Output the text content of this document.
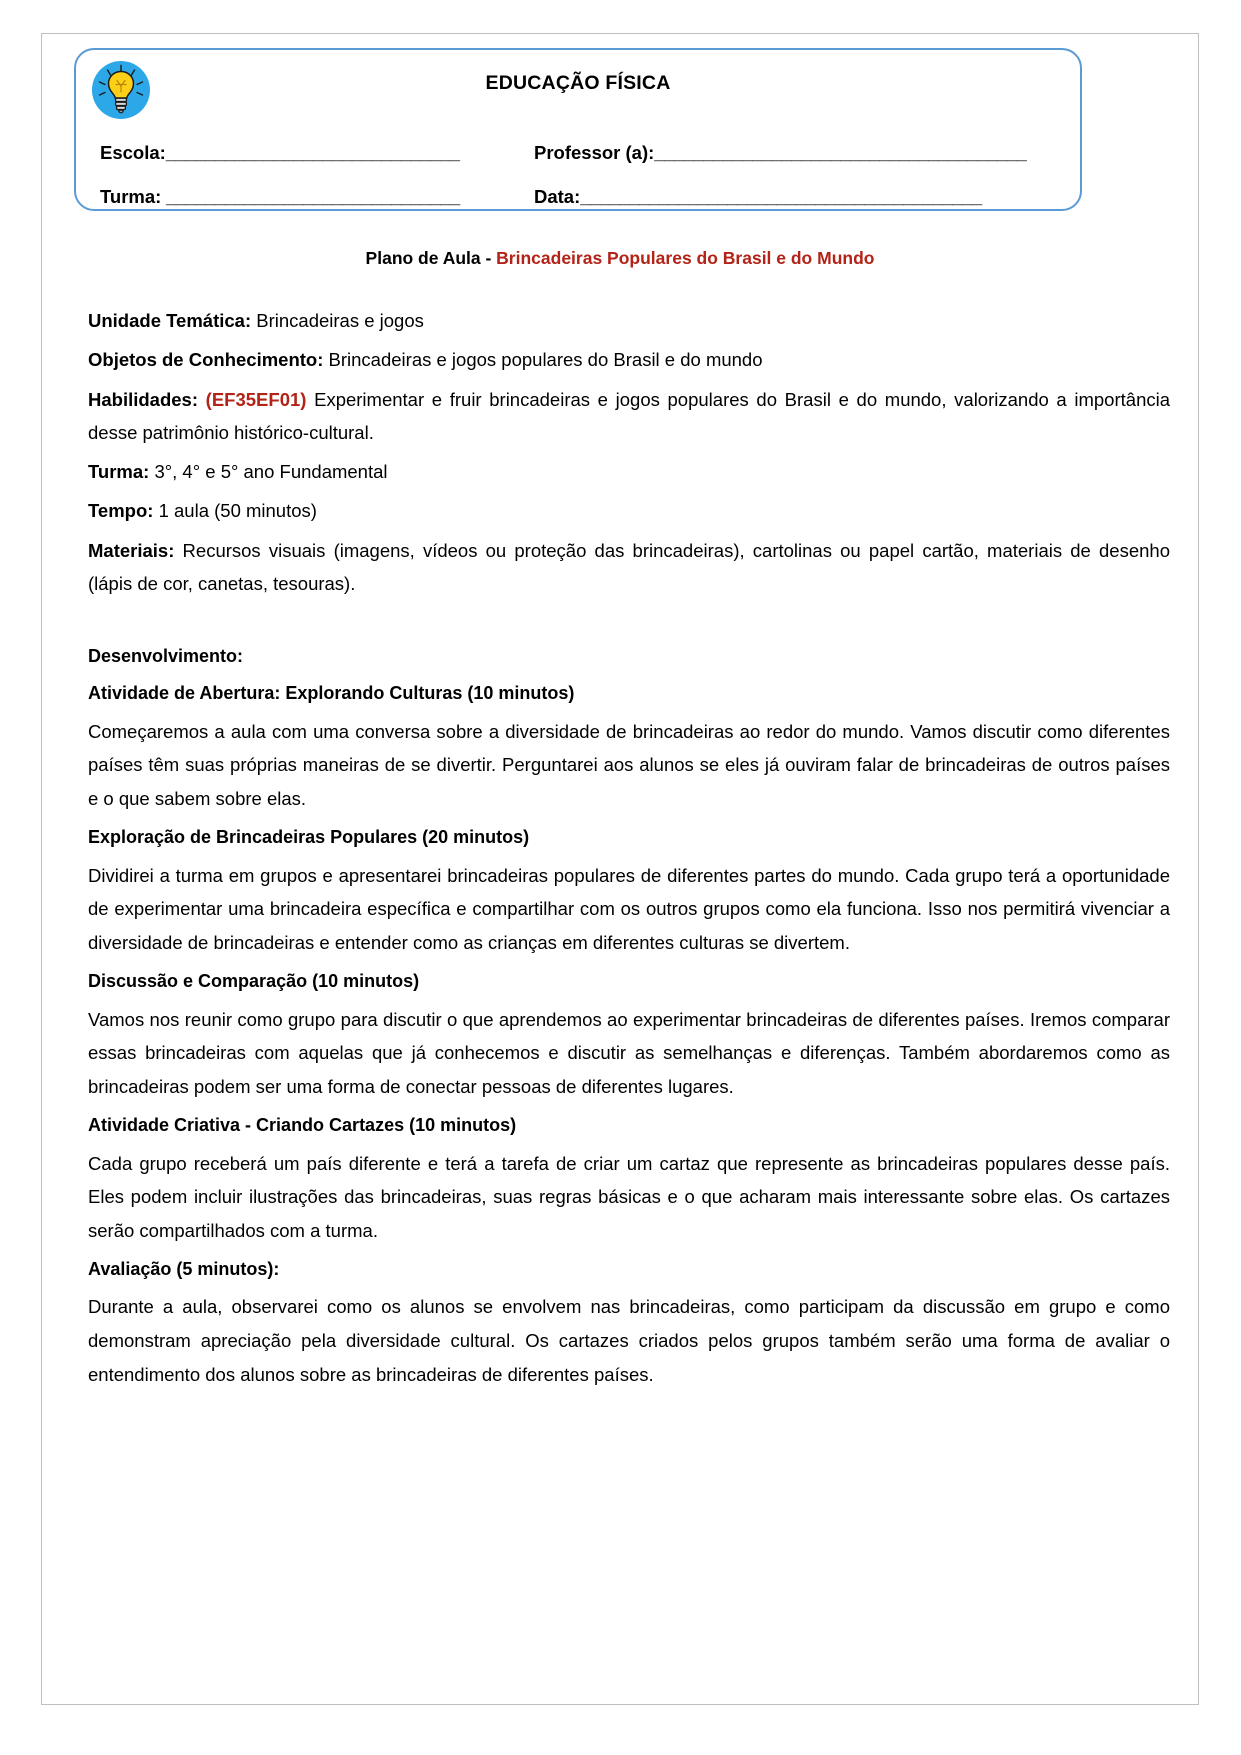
EDUCAÇÃO FÍSICA
Escola:______________________________	Professor (a):______________________________________
Turma: ______________________________	Data:_________________________________________
Plano de Aula - Brincadeiras Populares do Brasil e do Mundo

Unidade Temática: Brincadeiras e jogos

Objetos de Conhecimento: Brincadeiras e jogos populares do Brasil e do mundo

Habilidades: (EF35EF01) Experimentar e fruir brincadeiras e jogos populares do Brasil e do mundo, valorizando a importância desse patrimônio histórico-cultural.

Turma: 3°, 4° e 5° ano Fundamental

Tempo: 1 aula (50 minutos)

Materiais: Recursos visuais (imagens, vídeos ou proteção das brincadeiras), cartolinas ou papel cartão, materiais de desenho (lápis de cor, canetas, tesouras).

Desenvolvimento:

Atividade de Abertura: Explorando Culturas (10 minutos)

Começaremos a aula com uma conversa sobre a diversidade de brincadeiras ao redor do mundo. Vamos discutir como diferentes países têm suas próprias maneiras de se divertir. Perguntarei aos alunos se eles já ouviram falar de brincadeiras de outros países e o que sabem sobre elas.

Exploração de Brincadeiras Populares (20 minutos)

Dividirei a turma em grupos e apresentarei brincadeiras populares de diferentes partes do mundo. Cada grupo terá a oportunidade de experimentar uma brincadeira específica e compartilhar com os outros grupos como ela funciona. Isso nos permitirá vivenciar a diversidade de brincadeiras e entender como as crianças em diferentes culturas se divertem.

Discussão e Comparação (10 minutos)

Vamos nos reunir como grupo para discutir o que aprendemos ao experimentar brincadeiras de diferentes países. Iremos comparar essas brincadeiras com aquelas que já conhecemos e discutir as semelhanças e diferenças. Também abordaremos como as brincadeiras podem ser uma forma de conectar pessoas de diferentes lugares.

Atividade Criativa - Criando Cartazes (10 minutos)

Cada grupo receberá um país diferente e terá a tarefa de criar um cartaz que represente as brincadeiras populares desse país. Eles podem incluir ilustrações das brincadeiras, suas regras básicas e o que acharam mais interessante sobre elas. Os cartazes serão compartilhados com a turma.

Avaliação (5 minutos):

Durante a aula, observarei como os alunos se envolvem nas brincadeiras, como participam da discussão em grupo e como demonstram apreciação pela diversidade cultural. Os cartazes criados pelos grupos também serão uma forma de avaliar o entendimento dos alunos sobre as brincadeiras de diferentes países.
